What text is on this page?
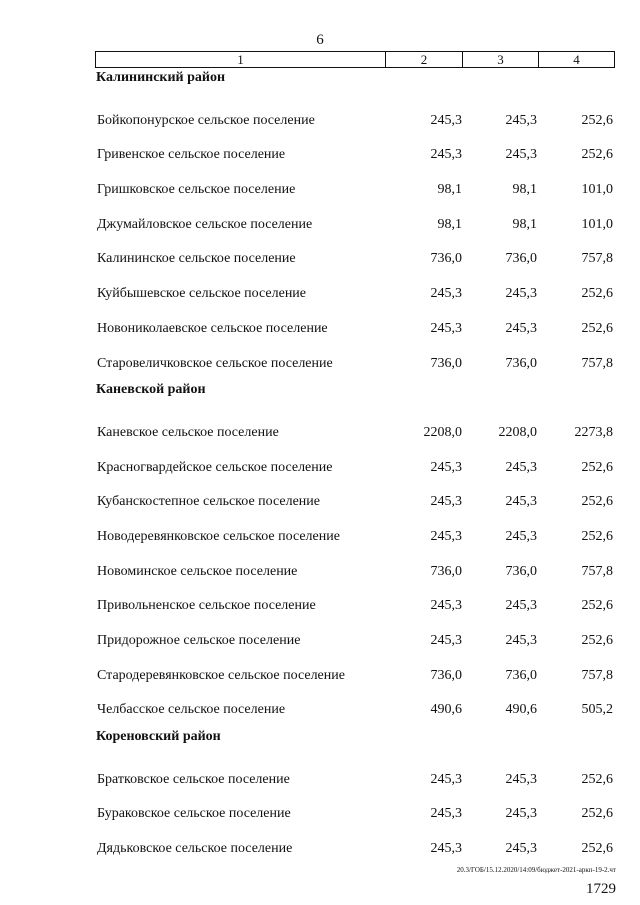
6
1	2	3	4
Калининский район
Бойкопонурское сельское поселение	245,3	245,3	252,6
Гривенское сельское поселение	245,3	245,3	252,6
Гришковское сельское поселение	98,1	98,1	101,0
Джумайловское сельское поселение	98,1	98,1	101,0
Калининское сельское поселение	736,0	736,0	757,8
Куйбышевское сельское поселение	245,3	245,3	252,6
Новониколаевское сельское поселение	245,3	245,3	252,6
Старовеличковское сельское поселение	736,0	736,0	757,8
Каневской район
Каневское сельское поселение	2208,0	2208,0	2273,8
Красногвардейское сельское поселение	245,3	245,3	252,6
Кубанскостепное сельское поселение	245,3	245,3	252,6
Новодеревянковское сельское поселение	245,3	245,3	252,6
Новоминское сельское поселение	736,0	736,0	757,8
Привольненское сельское поселение	245,3	245,3	252,6
Придорожное сельское поселение	245,3	245,3	252,6
Стародеревянковское сельское поселение	736,0	736,0	757,8
Челбасское сельское поселение	490,6	490,6	505,2
Кореновский район
Братковское сельское поселение	245,3	245,3	252,6
Бураковское сельское поселение	245,3	245,3	252,6
Дядьковское сельское поселение	245,3	245,3	252,6
20.3/ГОБ/15.12.2020/14:09/бюджет-2021-аркп-19-2.чт
1729
